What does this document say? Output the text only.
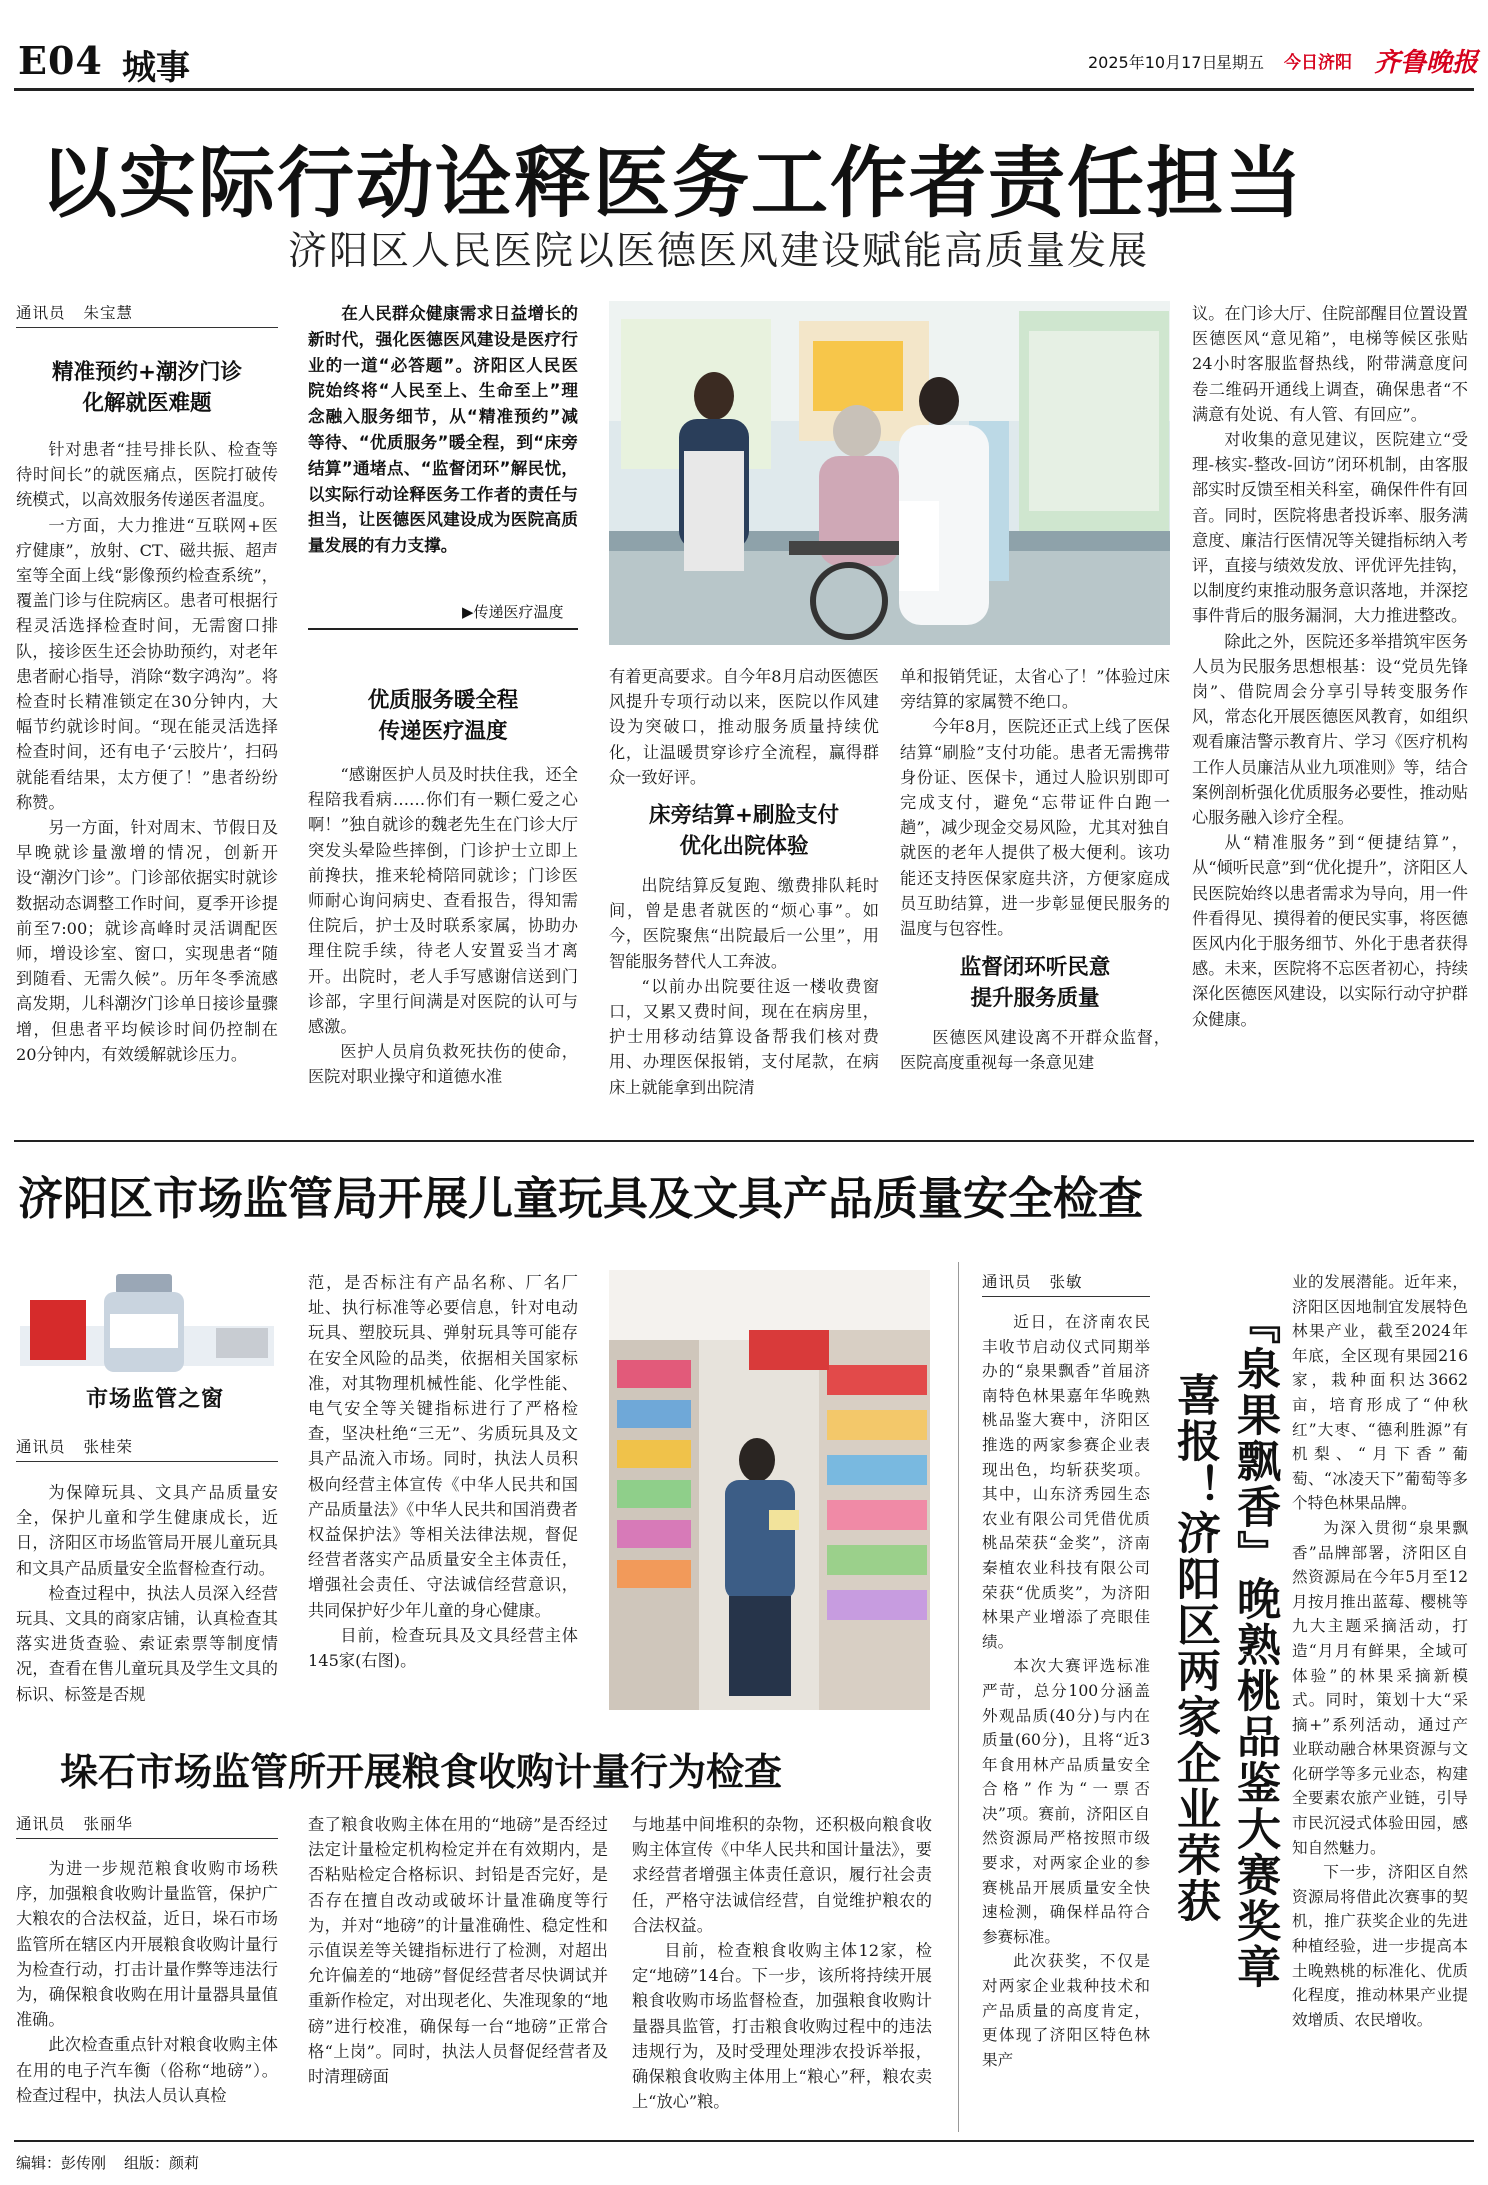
E04 城事	2025年10月17日
星期五 今日济阳 齐鲁晚报
以实际行动诠释医务工作者责任担当
济阳区人民医院以医德医风建设赋能高质量发展
通讯员 朱宝慧
精准预约+潮汐门诊
化解就医难题

针对患者“挂号排长队、检查等待时间长”的就医痛点，医院打破传统模式，以高效服务传递医者温度。

一方面，大力推进“互联网+医疗健康”，放射、CT、磁共振、超声室等全面上线“影像预约检查系统”，覆盖门诊与住院病区。患者可根据行程灵活选择检查时间，无需窗口排队，接诊医生还会协助预约，对老年患者耐心指导，消除“数字鸿沟”。将检查时长精准锁定在30分钟内，大幅节约就诊时间。“现在能灵活选择检查时间，还有电子‘云胶片’，扫码就能看结果，太方便了！”患者纷纷称赞。

另一方面，针对周末、节假日及早晚就诊量激增的情况，创新开设“潮汐门诊”。门诊部依据实时就诊数据动态调整工作时间，夏季开诊提前至7:00；就诊高峰时灵活调配医师，增设诊室、窗口，实现患者“随到随看、无需久候”。历年冬季流感高发期，儿科潮汐门诊单日接诊量骤增，但患者平均候诊时间仍控制在20分钟内，有效缓解就诊压力。

在人民群众健康需求日益增长的新时代，强化医德医风建设是医疗行业的一道“必答题”。济阳区人民医院始终将“人民至上、生命至上”理念融入服务细节，从“精准预约”减等待、“优质服务”暖全程，到“床旁结算”通堵点、“监督闭环”解民忧，以实际行动诠释医务工作者的责任与担当，让医德医风建设成为医院高质量发展的有力支撑。

▶传递医疗温度
优质服务暖全程
传递医疗温度

“感谢医护人员及时扶住我，还全程陪我看病……你们有一颗仁爱之心啊！”独自就诊的魏老先生在门诊大厅突发头晕险些摔倒，门诊护士立即上前搀扶，推来轮椅陪同就诊；门诊医师耐心询问病史、查看报告，得知需住院后，护士及时联系家属，协助办理住院手续，待老人安置妥当才离开。出院时，老人手写感谢信送到门诊部，字里行间满是对医院的认可与感激。

医护人员肩负救死扶伤的使命，医院对职业操守和道德水准

有着更高要求。自今年8月启动医德医风提升专项行动以来，医院以作风建设为突破口，推动服务质量持续优化，让温暖贯穿诊疗全流程，赢得群众一致好评。

床旁结算+刷脸支付
优化出院体验

出院结算反复跑、缴费排队耗时间，曾是患者就医的“烦心事”。如今，医院聚焦“出院最后一公里”，用智能服务替代人工奔波。

“以前办出院要往返一楼收费窗口，又累又费时间，现在在病房里，护士用移动结算设备帮我们核对费用、办理医保报销，支付尾款，在病床上就能拿到出院清

单和报销凭证，太省心了！”体验过床旁结算的家属赞不绝口。

今年8月，医院还正式上线了医保结算“刷脸”支付功能。患者无需携带身份证、医保卡，通过人脸识别即可完成支付，避免“忘带证件白跑一趟”，减少现金交易风险，尤其对独自就医的老年人提供了极大便利。该功能还支持医保家庭共济，方便家庭成员互助结算，进一步彰显便民服务的温度与包容性。

监督闭环听民意
提升服务质量

医德医风建设离不开群众监督，医院高度重视每一条意见建

议。在门诊大厅、住院部醒目位置设置医德医风“意见箱”，电梯等候区张贴24小时客服监督热线，附带满意度问卷二维码开通线上调查，确保患者“不满意有处说、有人管、有回应”。

对收集的意见建议，医院建立“受理-核实-整改-回访”闭环机制，由客服部实时反馈至相关科室，确保件件有回音。同时，医院将患者投诉率、服务满意度、廉洁行医情况等关键指标纳入考评，直接与绩效发放、评优评先挂钩，以制度约束推动服务意识落地，并深挖事件背后的服务漏洞，大力推进整改。

除此之外，医院还多举措筑牢医务人员为民服务思想根基：设“党员先锋岗”、借院周会分享引导转变服务作风，常态化开展医德医风教育，如组织观看廉洁警示教育片、学习《医疗机构工作人员廉洁从业九项准则》等，结合案例剖析强化优质服务必要性，推动贴心服务融入诊疗全程。

从“精准服务”到“便捷结算”，从“倾听民意”到“优化提升”，济阳区人民医院始终以患者需求为导向，用一件件看得见、摸得着的便民实事，将医德医风内化于服务细节、外化于患者获得感。未来，医院将不忘医者初心，持续深化医德医风建设，以实际行动守护群众健康。

济阳区市场监管局开展儿童玩具及文具产品质量安全检查
市场监管之窗
通讯员 张桂荣

为保障玩具、文具产品质量安全，保护儿童和学生健康成长，近日，济阳区市场监管局开展儿童玩具和文具产品质量安全监督检查行动。

检查过程中，执法人员深入经营玩具、文具的商家店铺，认真检查其落实进货查验、索证索票等制度情况，查看在售儿童玩具及学生文具的标识、标签是否规

范，是否标注有产品名称、厂名厂址、执行标准等必要信息，针对电动玩具、塑胶玩具、弹射玩具等可能存在安全风险的品类，依据相关国家标准，对其物理机械性能、化学性能、电气安全等关键指标进行了严格检查，坚决杜绝“三无”、劣质玩具及文具产品流入市场。同时，执法人员积极向经营主体宣传《中华人民共和国产品质量法》《中华人民共和国消费者权益保护法》等相关法律法规，督促经营者落实产品质量安全主体责任，增强社会责任、守法诚信经营意识，共同保护好少年儿童的身心健康。

目前，检查玩具及文具经营主体145家(右图)。

垛石市场监管所开展粮食收购计量行为检查
通讯员 张丽华

为进一步规范粮食收购市场秩序，加强粮食收购计量监管，保护广大粮农的合法权益，近日，垛石市场监管所在辖区内开展粮食收购计量行为检查行动，打击计量作弊等违法行为，确保粮食收购在用计量器具量值准确。

此次检查重点针对粮食收购主体在用的电子汽车衡（俗称“地磅”）。检查过程中，执法人员认真检

查了粮食收购主体在用的“地磅”是否经过法定计量检定机构检定并在有效期内，是否粘贴检定合格标识、封铅是否完好，是否存在擅自改动或破坏计量准确度等行为，并对“地磅”的计量准确性、稳定性和示值误差等关键指标进行了检测，对超出允许偏差的“地磅”督促经营者尽快调试并重新作检定，对出现老化、失准现象的“地磅”进行校准，确保每一台“地磅”正常合格“上岗”。同时，执法人员督促经营者及时清理磅面

与地基中间堆积的杂物，还积极向粮食收购主体宣传《中华人民共和国计量法》，要求经营者增强主体责任意识，履行社会责任，严格守法诚信经营，自觉维护粮农的合法权益。

目前，检查粮食收购主体12家，检定“地磅”14台。下一步，该所将持续开展粮食收购市场监督检查，加强粮食收购计量器具监管，打击粮食收购过程中的违法违规行为，及时受理处理涉农投诉举报，确保粮食收购主体用上“粮心”秤，粮农卖上“放心”粮。

通讯员 张敏

近日，在济南农民丰收节启动仪式同期举办的“泉果飘香”首届济南特色林果嘉年华晚熟桃品鉴大赛中，济阳区推选的两家参赛企业表现出色，均斩获奖项。其中，山东济秀园生态农业有限公司凭借优质桃品荣获“金奖”，济南秦植农业科技有限公司荣获“优质奖”，为济阳林果产业增添了亮眼佳绩。

本次大赛评选标准严苛，总分100分涵盖外观品质(40分)与内在质量(60分)，且将“近3年食用林产品质量安全合格”作为“一票否决”项。赛前，济阳区自然资源局严格按照市级要求，对两家企业的参赛桃品开展质量安全快速检测，确保样品符合参赛标准。

此次获奖，不仅是对两家企业栽种技术和产品质量的高度肯定，更体现了济阳区特色林果产

『泉果飘香』晚熟桃品鉴大赛奖章
喜报！济阳区两家企业荣获

业的发展潜能。近年来，济阳区因地制宜发展特色林果产业，截至2024年年底，全区现有果园216家，栽种面积达3662亩，培育形成了“仲秋红”大枣、“德利胜源”有机梨、“月下香”葡萄、“冰凌天下”葡萄等多个特色林果品牌。

为深入贯彻“泉果飘香”品牌部署，济阳区自然资源局在今年5月至12月按月推出蓝莓、樱桃等九大主题采摘活动，打造“月月有鲜果，全域可体验”的林果采摘新模式。同时，策划十大“采摘+”系列活动，通过产业联动融合林果资源与文化研学等多元业态，构建全要素农旅产业链，引导市民沉浸式体验田园，感知自然魅力。

下一步，济阳区自然资源局将借此次赛事的契机，推广获奖企业的先进种植经验，进一步提高本土晚熟桃的标准化、优质化程度，推动林果产业提效增质、农民增收。

编辑：彭传刚 组版：颜莉
